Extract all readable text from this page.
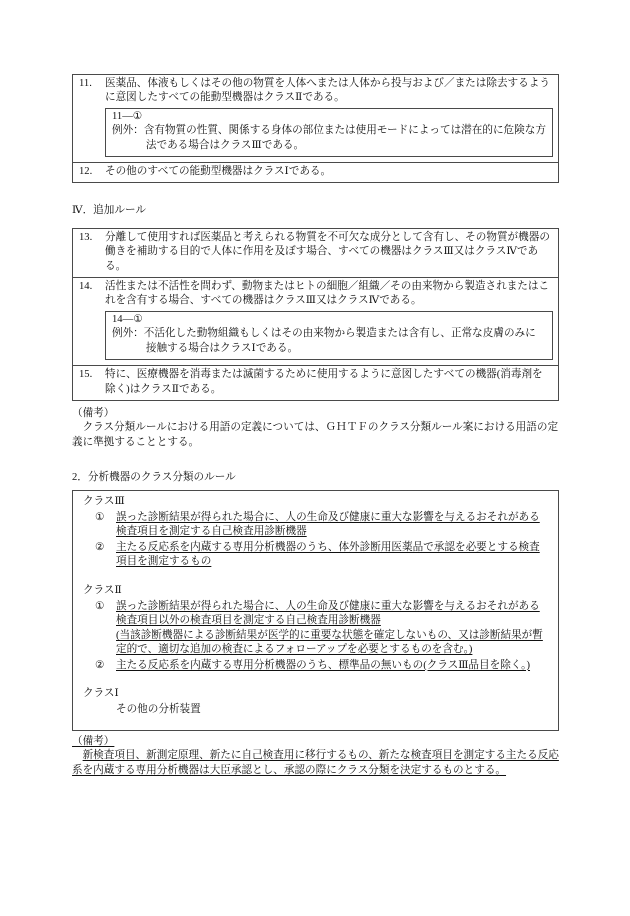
11.	医薬品、体液もしくはその他の物質を人体へまたは人体から投与および／または除去するように意図したすべての能動型機器はクラスⅡである。
11—①
例外：含有物質の性質、関係する身体の部位または使用モードによっては潜在的に危険な方法である場合はクラスⅢである。
12.	その他のすべての能動型機器はクラスⅠである。
Ⅳ．追加ルール
13.	分離して使用すれば医薬品と考えられる物質を不可欠な成分として含有し、その物質が機器の働きを補助する目的で人体に作用を及ぼす場合、すべての機器はクラスⅢ又はクラスⅣである。
14.	活性または不活性を問わず、動物またはヒトの細胞／組織／その由来物から製造されまたはこれを含有する場合、すべての機器はクラスⅢ又はクラスⅣである。
14—①
例外：不活化した動物組織もしくはその由来物から製造または含有し、正常な皮膚のみに接触する場合はクラスⅠである。
15.	特に、医療機器を消毒または滅菌するために使用するように意図したすべての機器(消毒剤を除く)はクラスⅡである。
（備考）
クラス分類ルールにおける用語の定義については、ＧＨＴＦのクラス分類ルール案における用語の定義に準拠することとする。
2．分析機器のクラス分類のルール
クラスⅢ
①	誤った診断結果が得られた場合に、人の生命及び健康に重大な影響を与えるおそれがある検査項目を測定する自己検査用診断機器
②	主たる反応系を内蔵する専用分析機器のうち、体外診断用医薬品で承認を必要とする検査項目を測定するもの
クラスⅡ
①	誤った診断結果が得られた場合に、人の生命及び健康に重大な影響を与えるおそれがある検査項目以外の検査項目を測定する自己検査用診断機器
(当該診断機器による診断結果が医学的に重要な状態を確定しないもの、又は診断結果が暫定的で、適切な追加の検査によるフォローアップを必要とするものを含む。)
②	主たる反応系を内蔵する専用分析機器のうち、標準品の無いもの(クラスⅢ品目を除く。)
クラスⅠ
その他の分析装置
（備考）
新検査項目、新測定原理、新たに自己検査用に移行するもの、新たな検査項目を測定する主たる反応系を内蔵する専用分析機器は大臣承認とし、承認の際にクラス分類を決定するものとする。
